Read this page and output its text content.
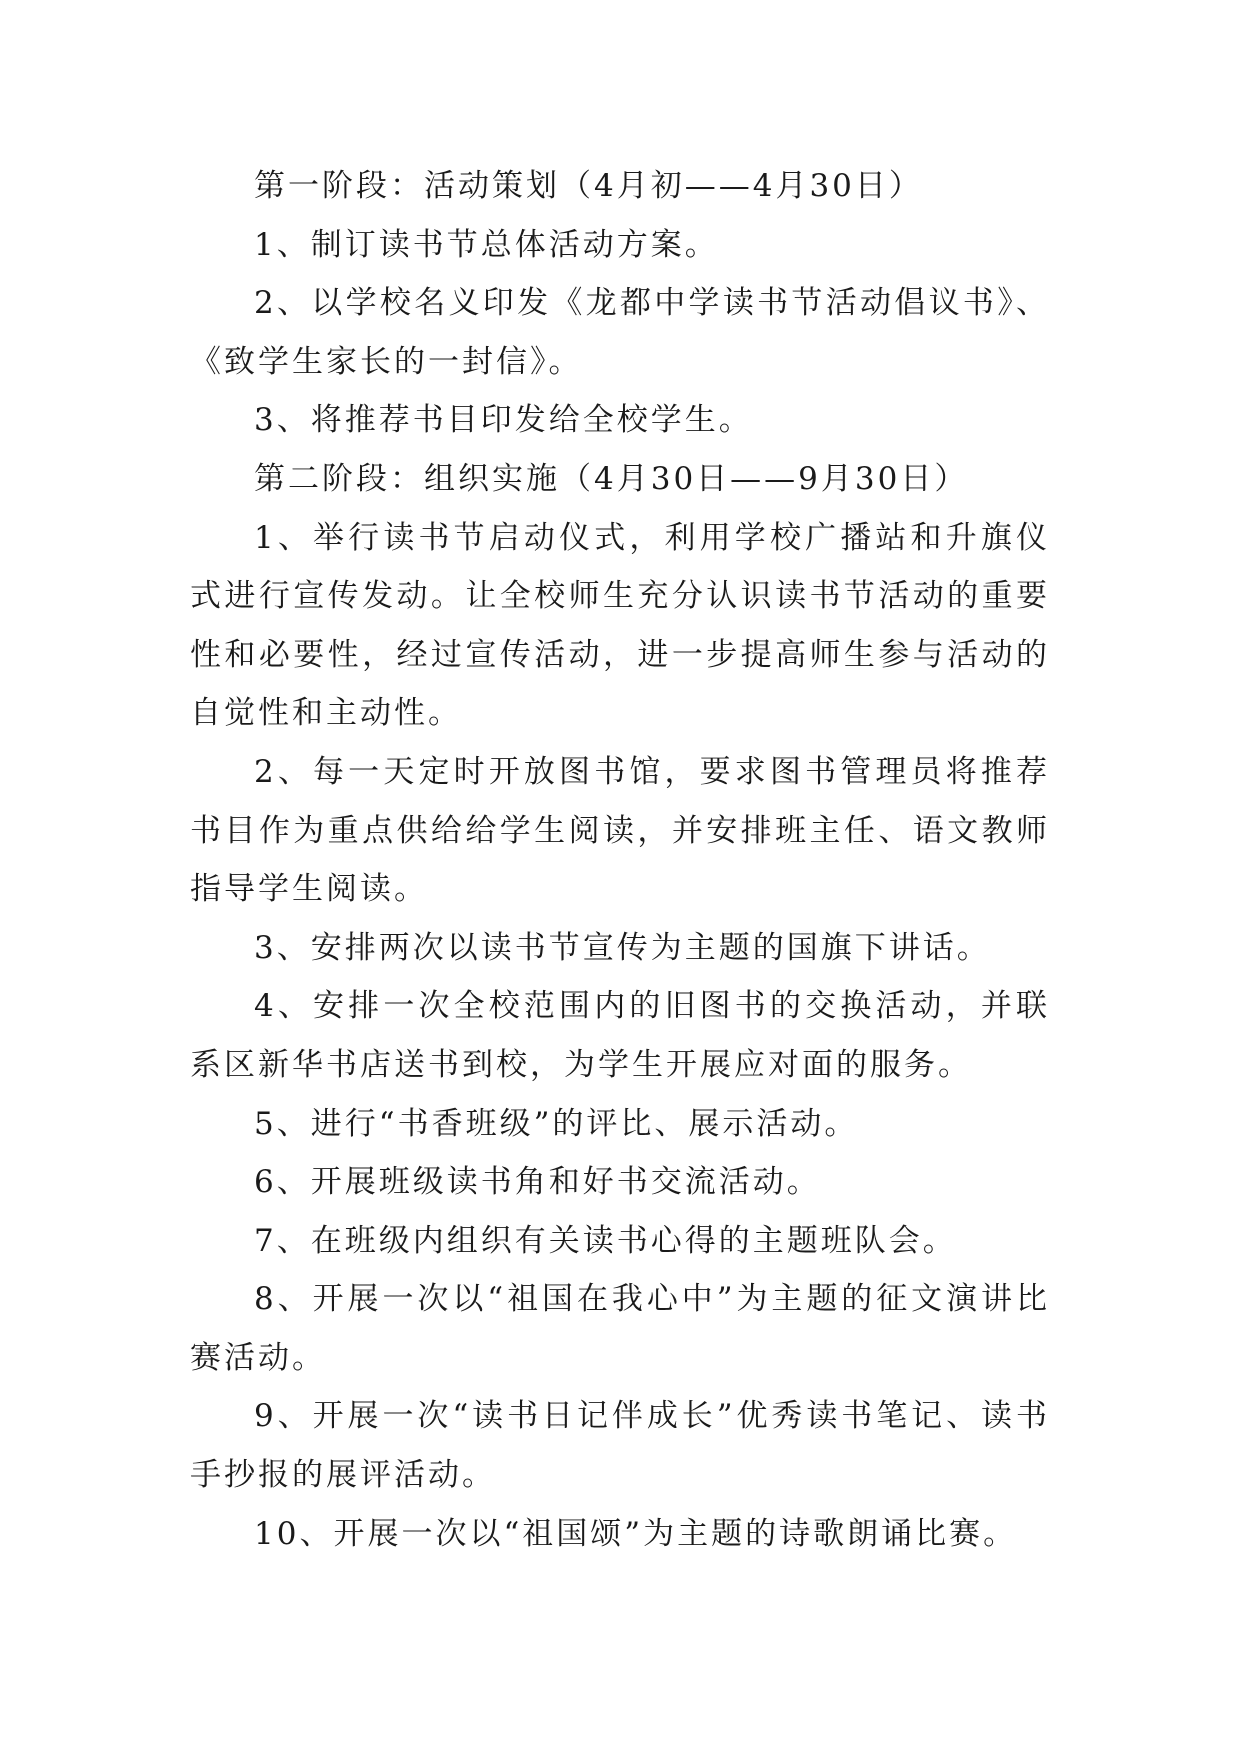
第一阶段：活动策划（4月初——4月30日）

1、制订读书节总体活动方案。

2、以学校名义印发《龙都中学读书节活动倡议书》、《致学生家长的一封信》。

3、将推荐书目印发给全校学生。

第二阶段：组织实施（4月30日——9月30日）

1、举行读书节启动仪式，利用学校广播站和升旗仪式进行宣传发动。让全校师生充分认识读书节活动的重要性和必要性，经过宣传活动，进一步提高师生参与活动的自觉性和主动性。

2、每一天定时开放图书馆，要求图书管理员将推荐书目作为重点供给给学生阅读，并安排班主任、语文教师指导学生阅读。

3、安排两次以读书节宣传为主题的国旗下讲话。

4、安排一次全校范围内的旧图书的交换活动，并联系区新华书店送书到校，为学生开展应对面的服务。

5、进行“书香班级”的评比、展示活动。

6、开展班级读书角和好书交流活动。

7、在班级内组织有关读书心得的主题班队会。

8、开展一次以“祖国在我心中”为主题的征文演讲比赛活动。

9、开展一次“读书日记伴成长”优秀读书笔记、读书手抄报的展评活动。

10、开展一次以“祖国颂”为主题的诗歌朗诵比赛。
